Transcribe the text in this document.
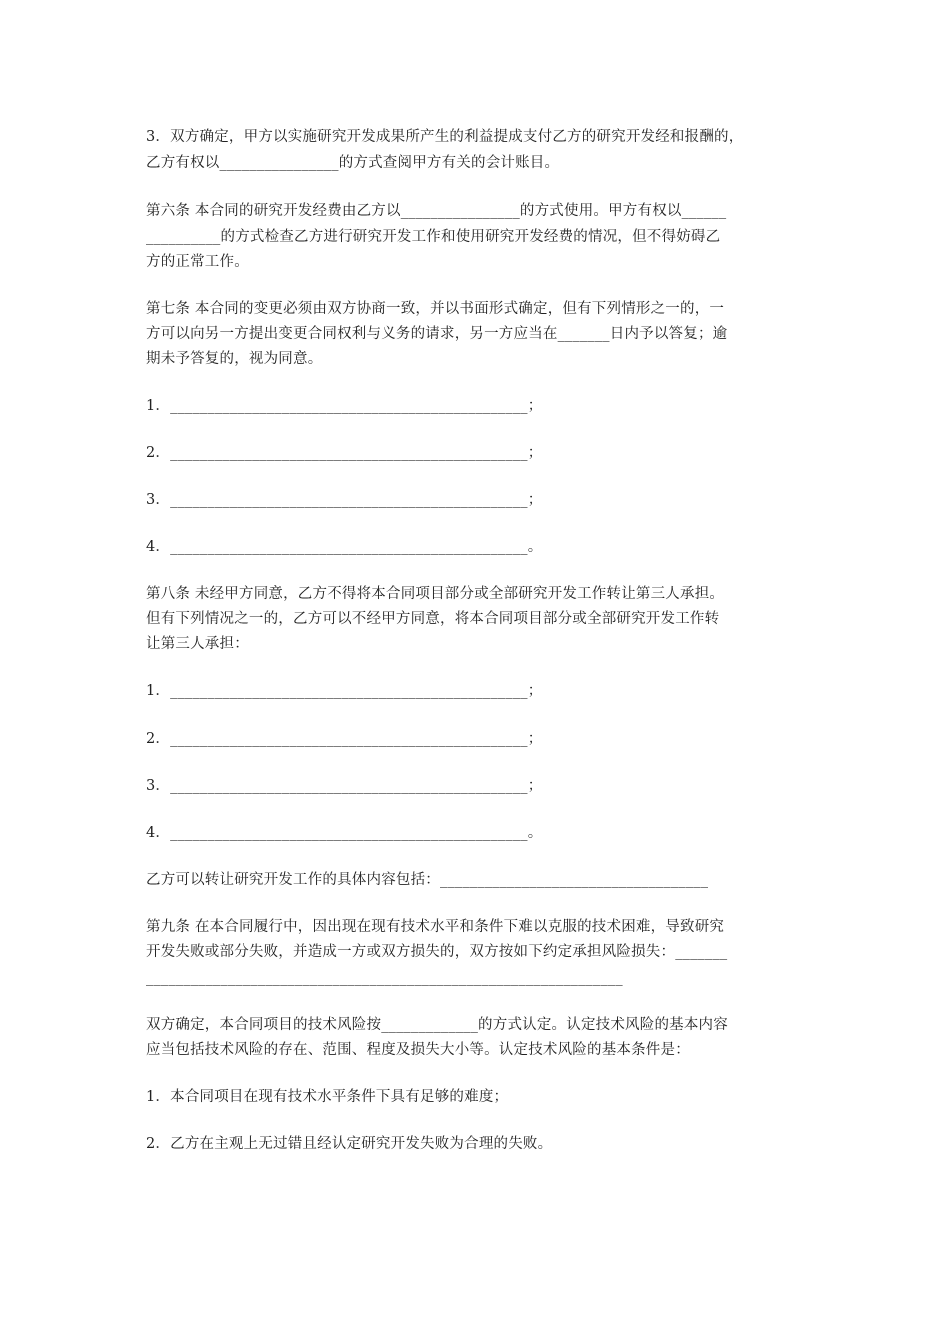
3．双方确定，甲方以实施研究开发成果所产生的利益提成支付乙方的研究开发经和报酬的，
乙方有权以________________的方式查阅甲方有关的会计账目。
第六条 本合同的研究开发经费由乙方以________________的方式使用。甲方有权以______
__________的方式检查乙方进行研究开发工作和使用研究开发经费的情况，但不得妨碍乙
方的正常工作。
第七条 本合同的变更必须由双方协商一致，并以书面形式确定，但有下列情形之一的，一
方可以向另一方提出变更合同权利与义务的请求，另一方应当在_______日内予以答复；逾
期未予答复的，视为同意。
1．________________________________________________；
2．________________________________________________；
3．________________________________________________；
4．________________________________________________。
第八条 未经甲方同意，乙方不得将本合同项目部分或全部研究开发工作转让第三人承担。
但有下列情况之一的，乙方可以不经甲方同意，将本合同项目部分或全部研究开发工作转
让第三人承担：
1．________________________________________________；
2．________________________________________________；
3．________________________________________________；
4．________________________________________________。
乙方可以转让研究开发工作的具体内容包括：____________________________________
第九条 在本合同履行中，因出现在现有技术水平和条件下难以克服的技术困难，导致研究
开发失败或部分失败，并造成一方或双方损失的，双方按如下约定承担风险损失：_______
________________________________________________________________
双方确定，本合同项目的技术风险按_____________的方式认定。认定技术风险的基本内容
应当包括技术风险的存在、范围、程度及损失大小等。认定技术风险的基本条件是：
1．本合同项目在现有技术水平条件下具有足够的难度；
2．乙方在主观上无过错且经认定研究开发失败为合理的失败。
